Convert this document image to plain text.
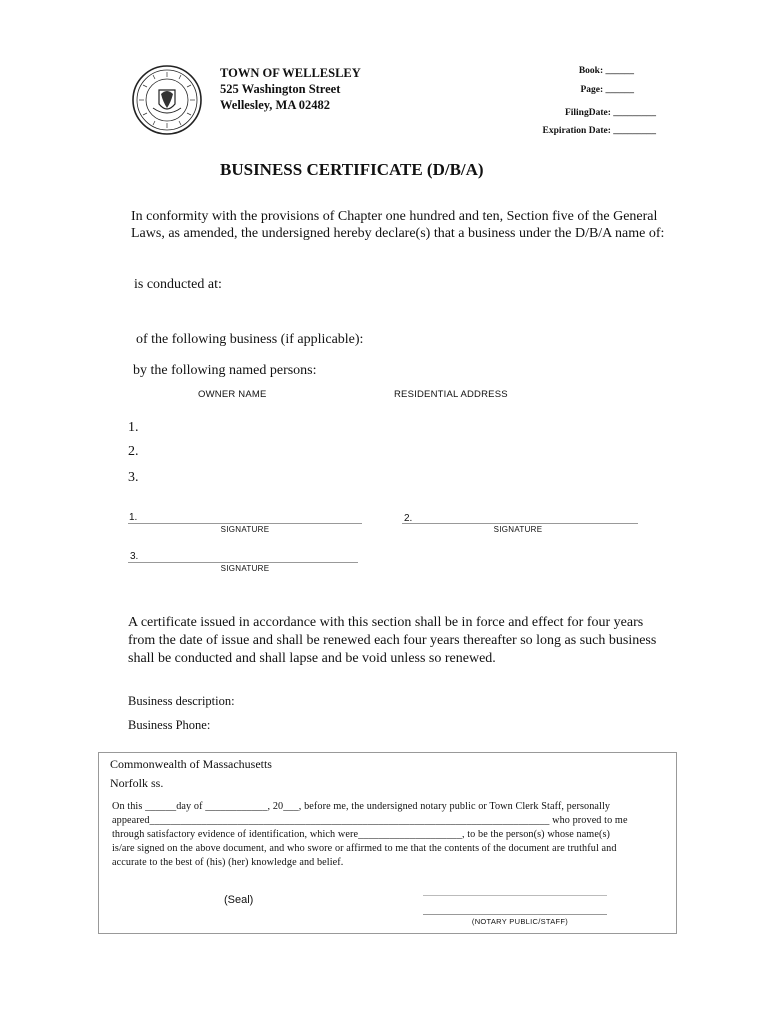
TOWN OF WELLESLEY
525 Washington Street
Wellesley, MA 02482
Book: ______
Page: ______
FilingDate: _________
Expiration Date: _________
BUSINESS CERTIFICATE (D/B/A)
In conformity with the provisions of Chapter one hundred and ten, Section five of the General
Laws, as amended, the undersigned hereby declare(s) that a business under the D/B/A name of:
is conducted at:
of the following business (if applicable):
by the following named persons:
OWNER NAME	RESIDENTIAL ADDRESS
1.
2.
3.
1.
SIGNATURE
2.
SIGNATURE
3.
SIGNATURE
A certificate issued in accordance with this section shall be in force and effect for four years
from the date of issue and shall be renewed each four years thereafter so long as such business
shall be conducted and shall lapse and be void unless so renewed.
Business description:
Business Phone:
Commonwealth of Massachusetts
Norfolk ss.
On this ______day of ____________, 20___, before me, the undersigned notary public or Town Clerk Staff, personally
appeared_____________________________________________________________________________ who proved to me
through satisfactory evidence of identification, which were____________________, to be the person(s) whose name(s)
is/are signed on the above document, and who swore or affirmed to me that the contents of the document are truthful and
accurate to the best of (his) (her) knowledge and belief.
(Seal)
(NOTARY PUBLIC/STAFF)
